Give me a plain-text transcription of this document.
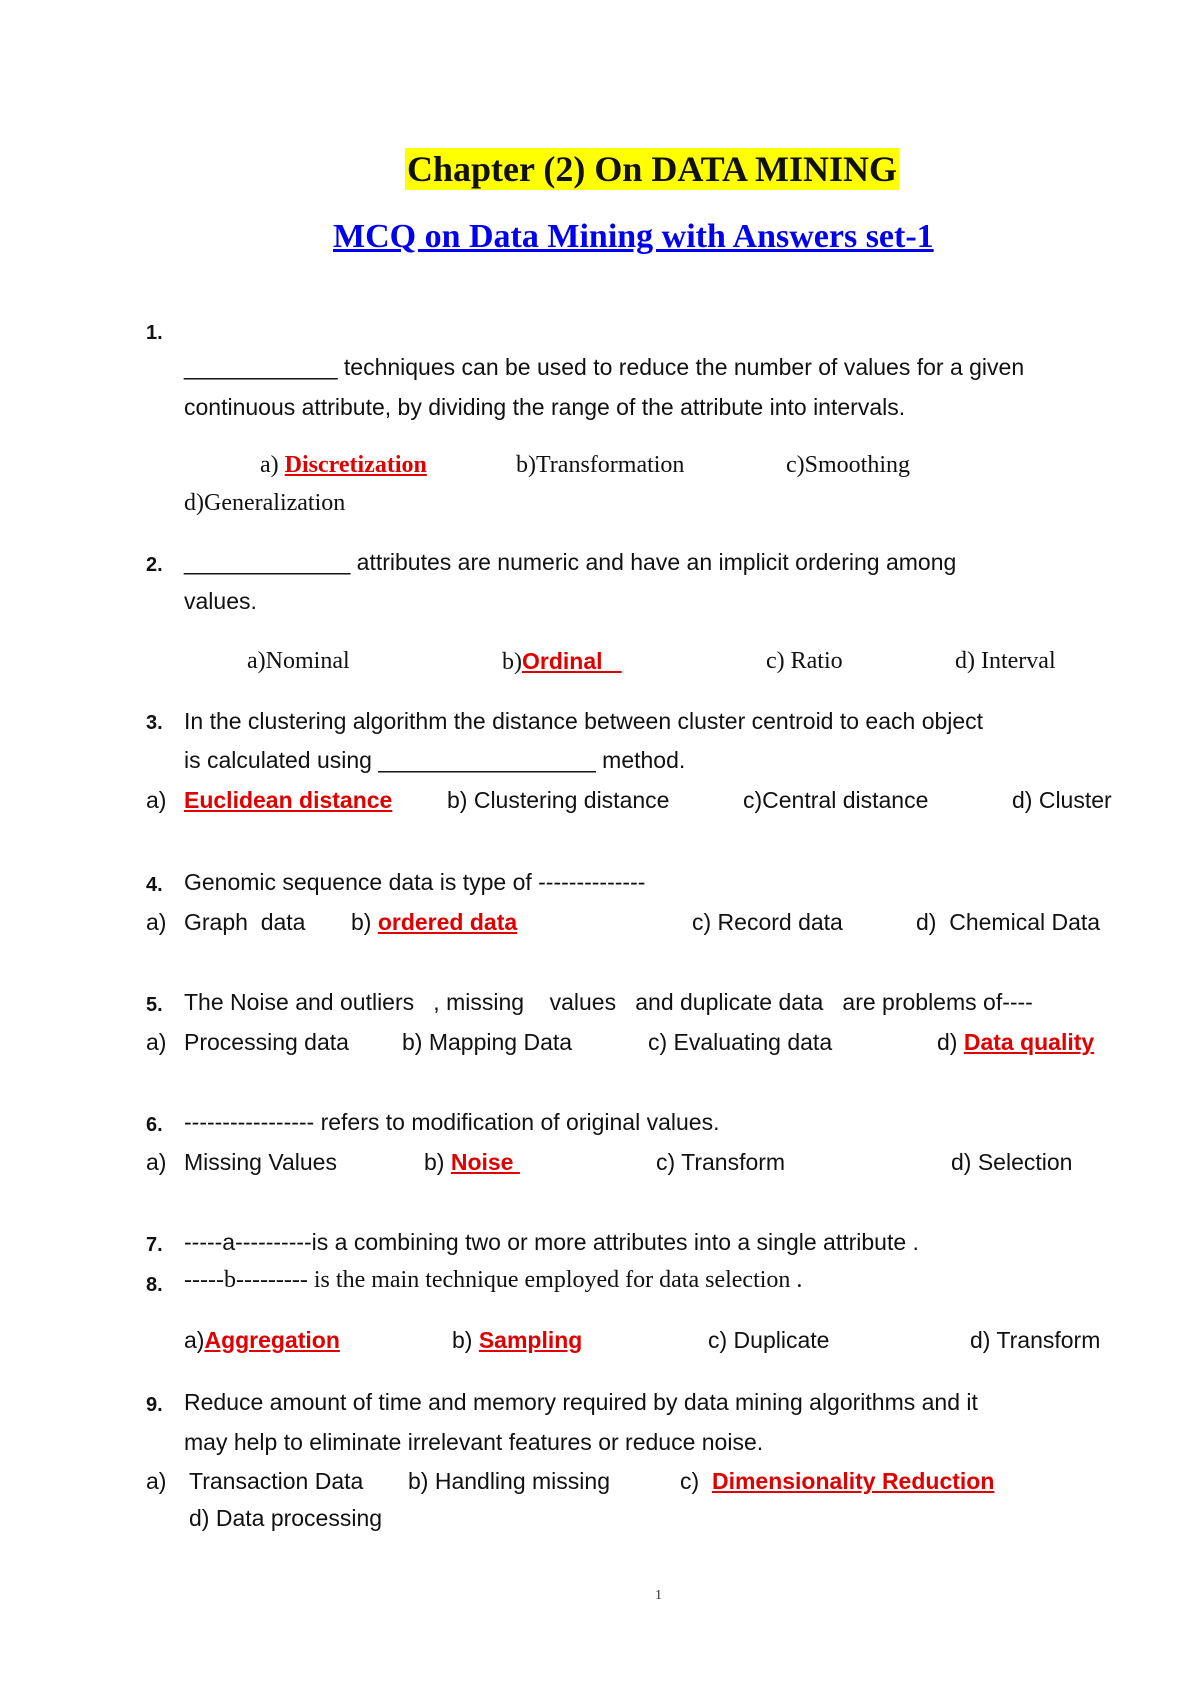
Chapter (2) On DATA MINING
MCQ on Data Mining with Answers set-1
1.
____________ techniques can be used to reduce the number of values for a given
continuous attribute, by dividing the range of the attribute into intervals.
a) Discretization	b)Transformation	c)Smoothing
d)Generalization
2. _____________ attributes are numeric and have an implicit ordering among
values.
a)Nominal	b)Ordinal	c) Ratio	d) Interval
3. In the clustering algorithm the distance between cluster centroid to each object
is calculated using _________________ method.
a) Euclidean distance b) Clustering distance	c)Central distance	d) Cluster
4. Genomic sequence data is type of --------------
a) Graph  data b) ordered data	c) Record data	d)  Chemical Data
5. The Noise and outliers   , missing    values   and duplicate data   are problems of----
a) Processing data b) Mapping Data	c) Evaluating data	d) Data quality
6. ----------------- refers to modification of original values.
a) Missing Values	b) Noise	c) Transform	d) Selection
7. -----a----------is a combining two or more attributes into a single attribute .
8. -----b--------- is the main technique employed for data selection .
a)Aggregation	b) Sampling	c) Duplicate	d) Transform
9. Reduce amount of time and memory required by data mining algorithms and it
may help to eliminate irrelevant features or reduce noise.
a) Transaction Data b) Handling missing	c)  Dimensionality Reduction
d) Data processing
1
